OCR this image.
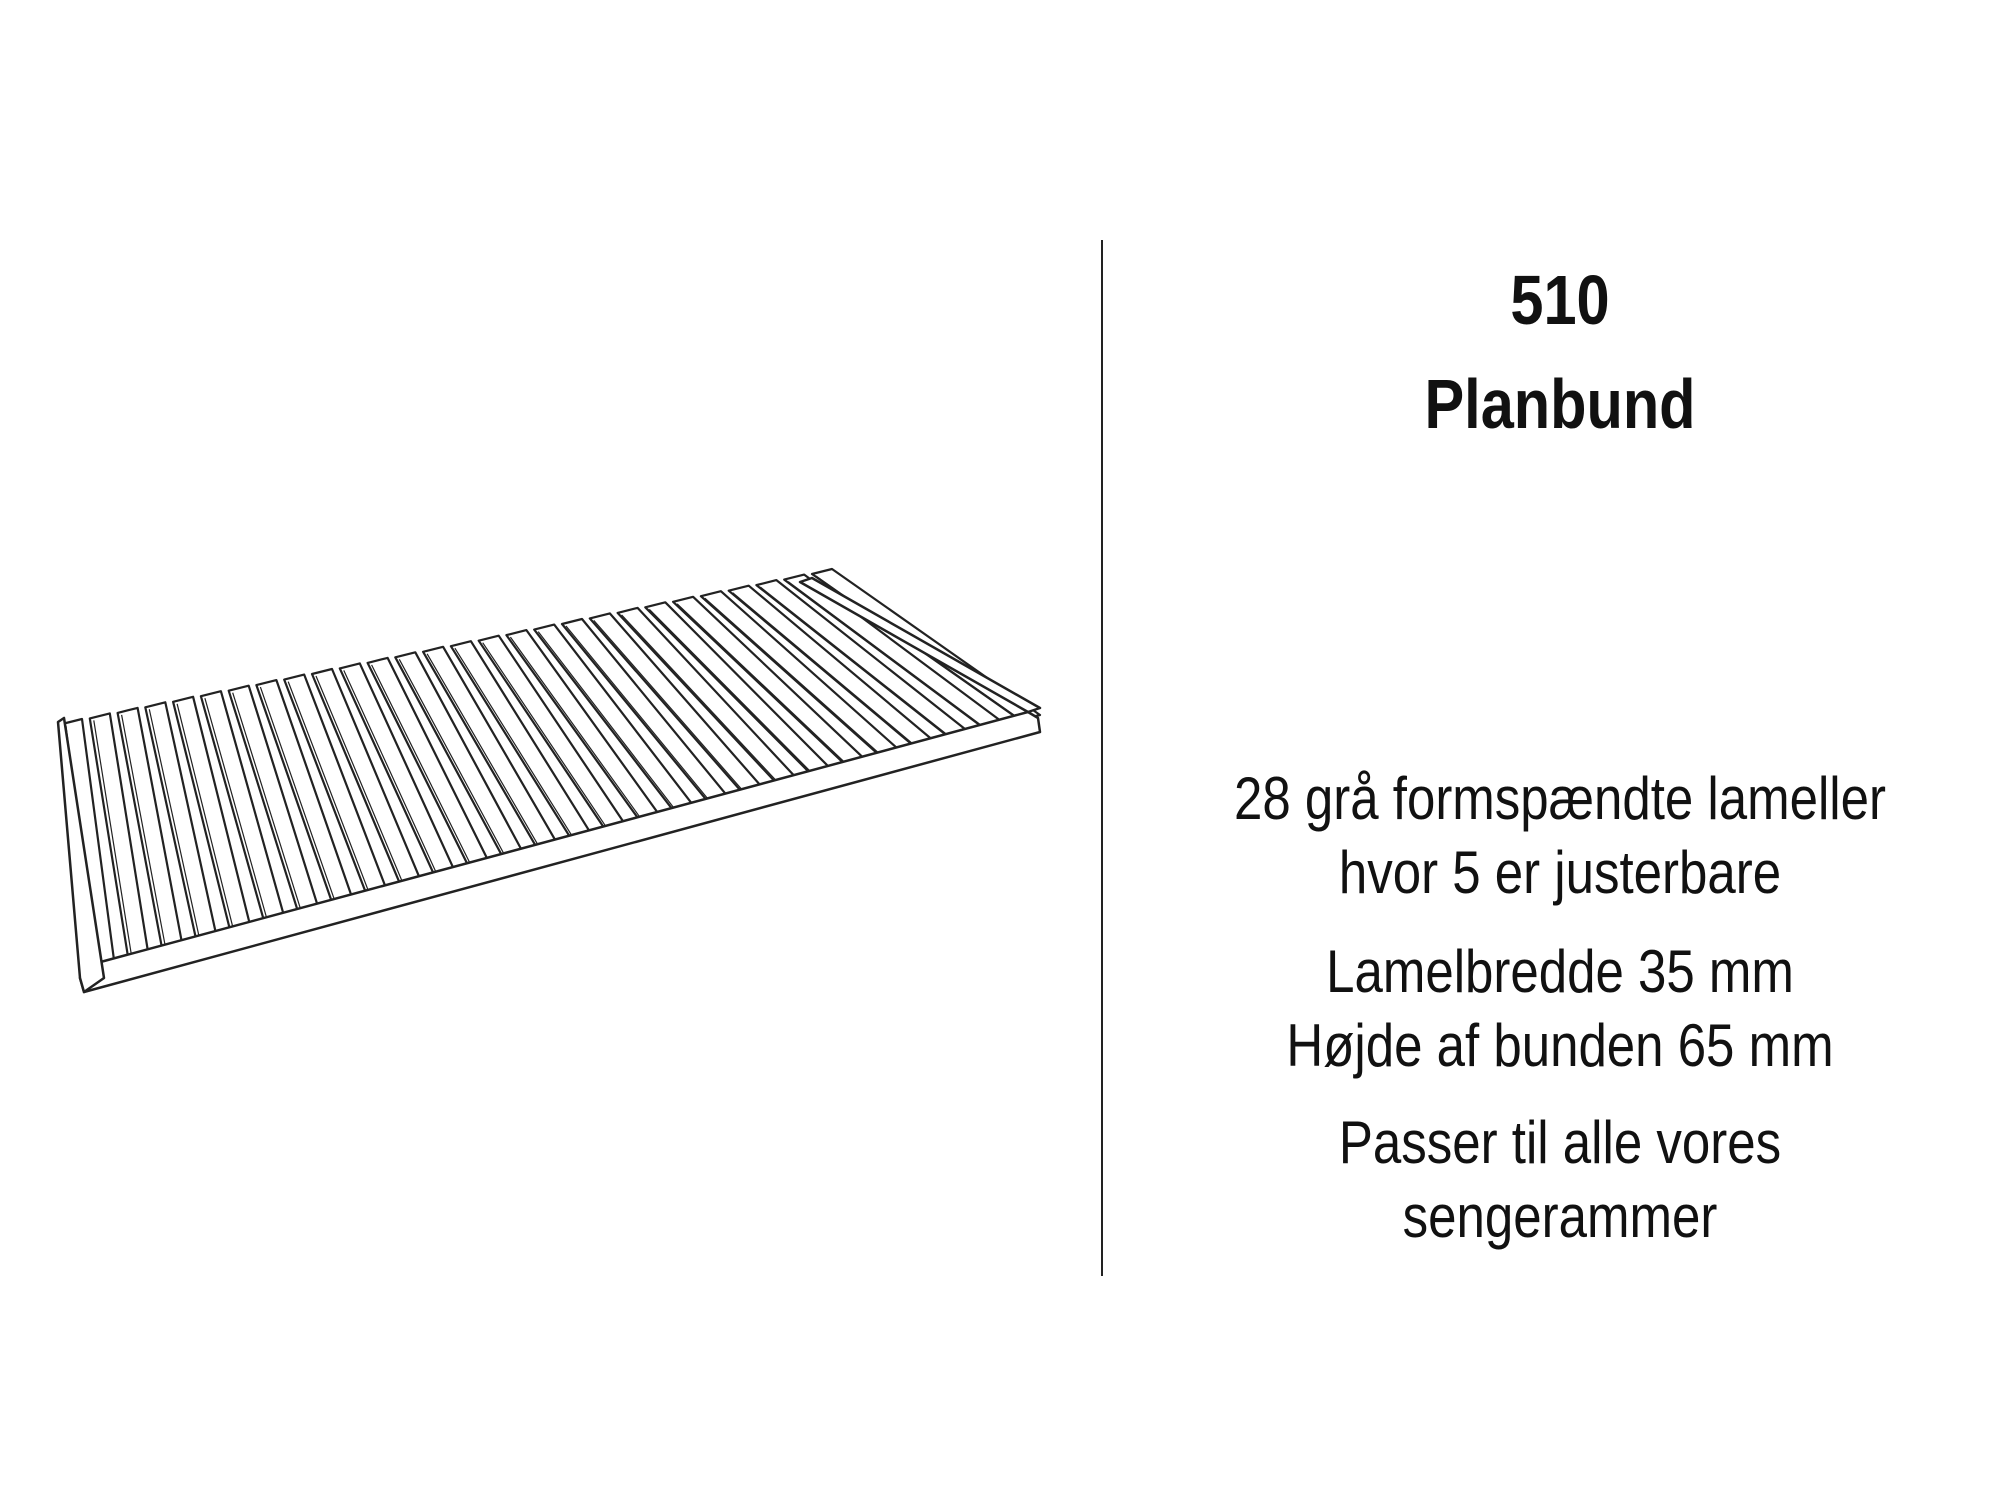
510
Planbund
28 grå formspændte lameller
hvor 5 er justerbare
Lamelbredde 35 mm
Højde af bunden 65 mm
Passer til alle vores
sengerammer
